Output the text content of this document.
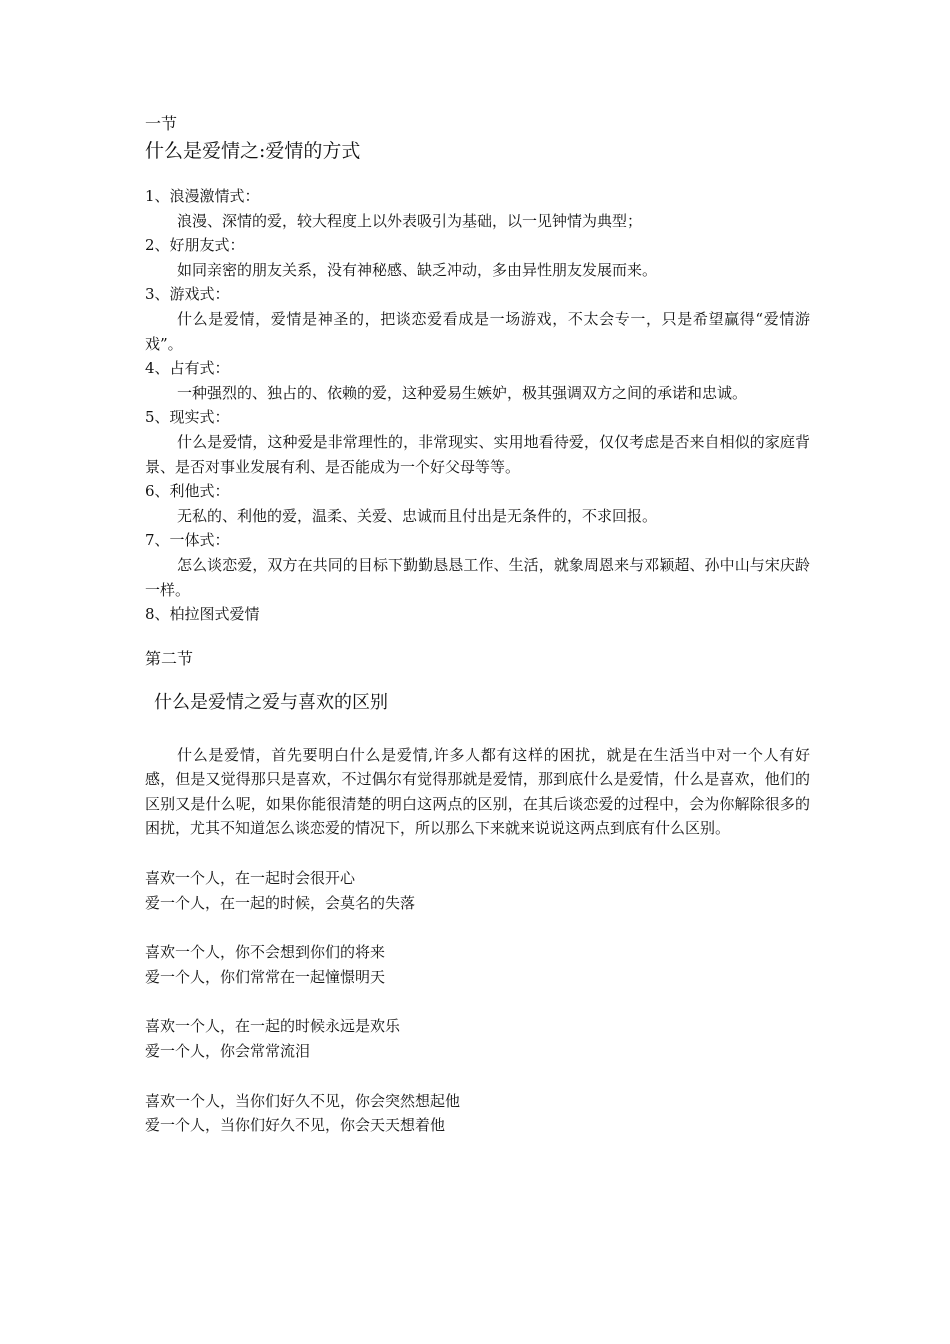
一节

什么是爱情之:爱情的方式

1、浪漫激情式：

浪漫、深情的爱，较大程度上以外表吸引为基础，以一见钟情为典型；

2、好朋友式：

如同亲密的朋友关系，没有神秘感、缺乏冲动，多由异性朋友发展而来。

3、游戏式：

什么是爱情，爱情是神圣的，把谈恋爱看成是一场游戏，不太会专一，只是希望赢得“爱情游戏”。

4、占有式：

一种强烈的、独占的、依赖的爱，这种爱易生嫉妒，极其强调双方之间的承诺和忠诚。

5、现实式：

什么是爱情，这种爱是非常理性的，非常现实、实用地看待爱，仅仅考虑是否来自相似的家庭背景、是否对事业发展有利、是否能成为一个好父母等等。

6、利他式：

无私的、利他的爱，温柔、关爱、忠诚而且付出是无条件的，不求回报。

7、一体式：

怎么谈恋爱，双方在共同的目标下勤勤恳恳工作、生活，就象周恩来与邓颖超、孙中山与宋庆龄一样。

8、柏拉图式爱情

第二节

什么是爱情之爱与喜欢的区别

什么是爱情，首先要明白什么是爱情,许多人都有这样的困扰，就是在生活当中对一个人有好感，但是又觉得那只是喜欢，不过偶尔有觉得那就是爱情，那到底什么是爱情，什么是喜欢，他们的区别又是什么呢，如果你能很清楚的明白这两点的区别，在其后谈恋爱的过程中，会为你解除很多的困扰，尤其不知道怎么谈恋爱的情况下，所以那么下来就来说说这两点到底有什么区别。

喜欢一个人，在一起时会很开心

爱一个人，在一起的时候，会莫名的失落

喜欢一个人，你不会想到你们的将来

爱一个人，你们常常在一起憧憬明天

喜欢一个人，在一起的时候永远是欢乐

爱一个人，你会常常流泪

喜欢一个人，当你们好久不见，你会突然想起他

爱一个人，当你们好久不见，你会天天想着他
